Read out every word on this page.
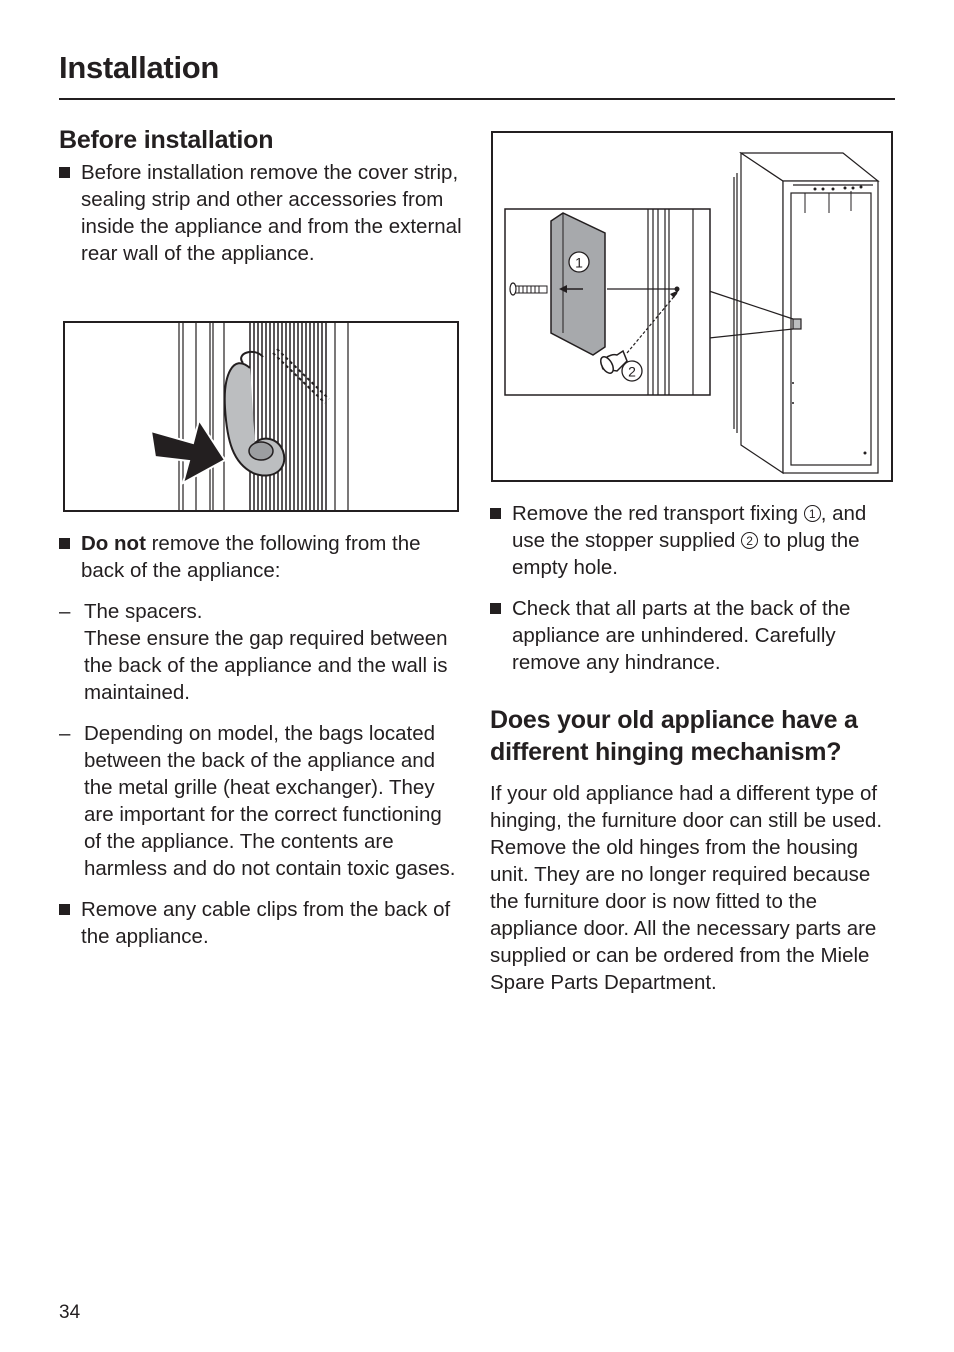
Installation
Before installation
Before installation remove the cover strip, sealing strip and other accessories from inside the appliance and from the external rear wall of the appliance.
Do not remove the following from the back of the appliance:
– The spacers.
These ensure the gap required between the back of the appliance and the wall is maintained.
– Depending on model, the bags located between the back of the appliance and the metal grille (heat exchanger). They are important for the correct functioning of the appliance. The contents are harmless and do not contain toxic gases.
Remove any cable clips from the back of the appliance.
1
2
Remove the red transport fixing 1 , and use the stopper supplied 2 to plug the empty hole.
Check that all parts at the back of the appliance are unhindered. Carefully remove any hindrance.
Does your old appliance have a different hinging mechanism?
If your old appliance had a different type of hinging, the furniture door can still be used. Remove the old hinges from the housing unit. They are no longer required because the furniture door is now fitted to the appliance door. All the necessary parts are supplied or can be ordered from the Miele Spare Parts Department.
34
